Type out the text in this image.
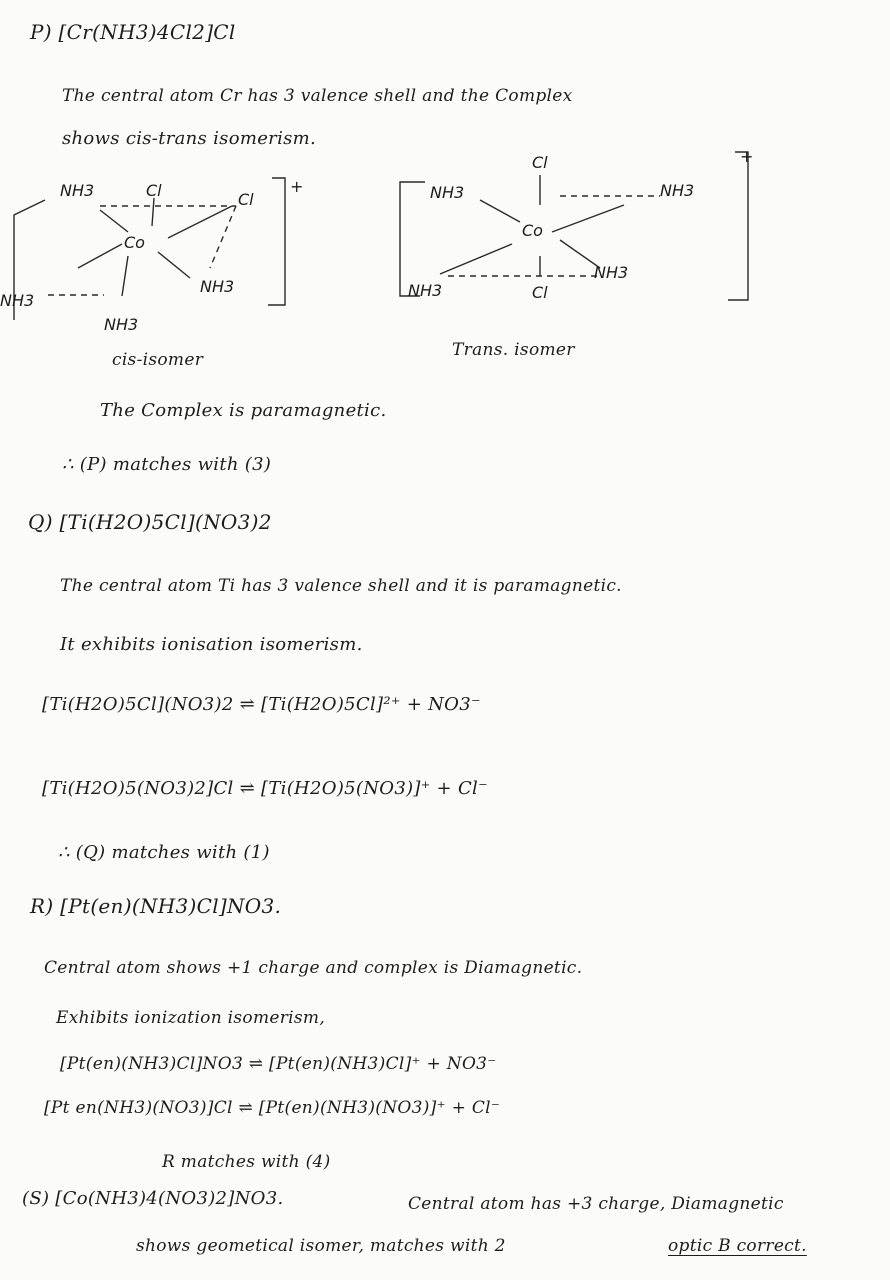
NH3	Cl	Cl
Co
NH3
NH3
NH3
+
Cl
NH3
Co
NH3
NH3
NH3	Cl
+
P) [Cr(NH3)4Cl2]Cl
The central atom Cr has 3 valence shell and the Complex
shows cis-trans isomerism.
cis-isomer	Trans. isomer
The Complex is paramagnetic.
∴ (P) matches with (3)
Q) [Ti(H2O)5Cl](NO3)2
The central atom Ti has 3 valence shell and it is paramagnetic.
It exhibits ionisation isomerism.
[Ti(H2O)5Cl](NO3)2 ⇌ [Ti(H2O)5Cl]²⁺ + NO3⁻
[Ti(H2O)5(NO3)2]Cl ⇌ [Ti(H2O)5(NO3)]⁺ + Cl⁻
∴ (Q) matches with (1)
R) [Pt(en)(NH3)Cl]NO3.
Central atom shows +1 charge and complex is Diamagnetic.
Exhibits ionization isomerism,
[Pt(en)(NH3)Cl]NO3 ⇌ [Pt(en)(NH3)Cl]⁺ + NO3⁻
[Pt en(NH3)(NO3)]Cl ⇌ [Pt(en)(NH3)(NO3)]⁺ + Cl⁻
R matches with (4)
(S) [Co(NH3)4(NO3)2]NO3.	Central atom has +3 charge, Diamagnetic
shows geometical isomer, matches with 2	optic B correct.
